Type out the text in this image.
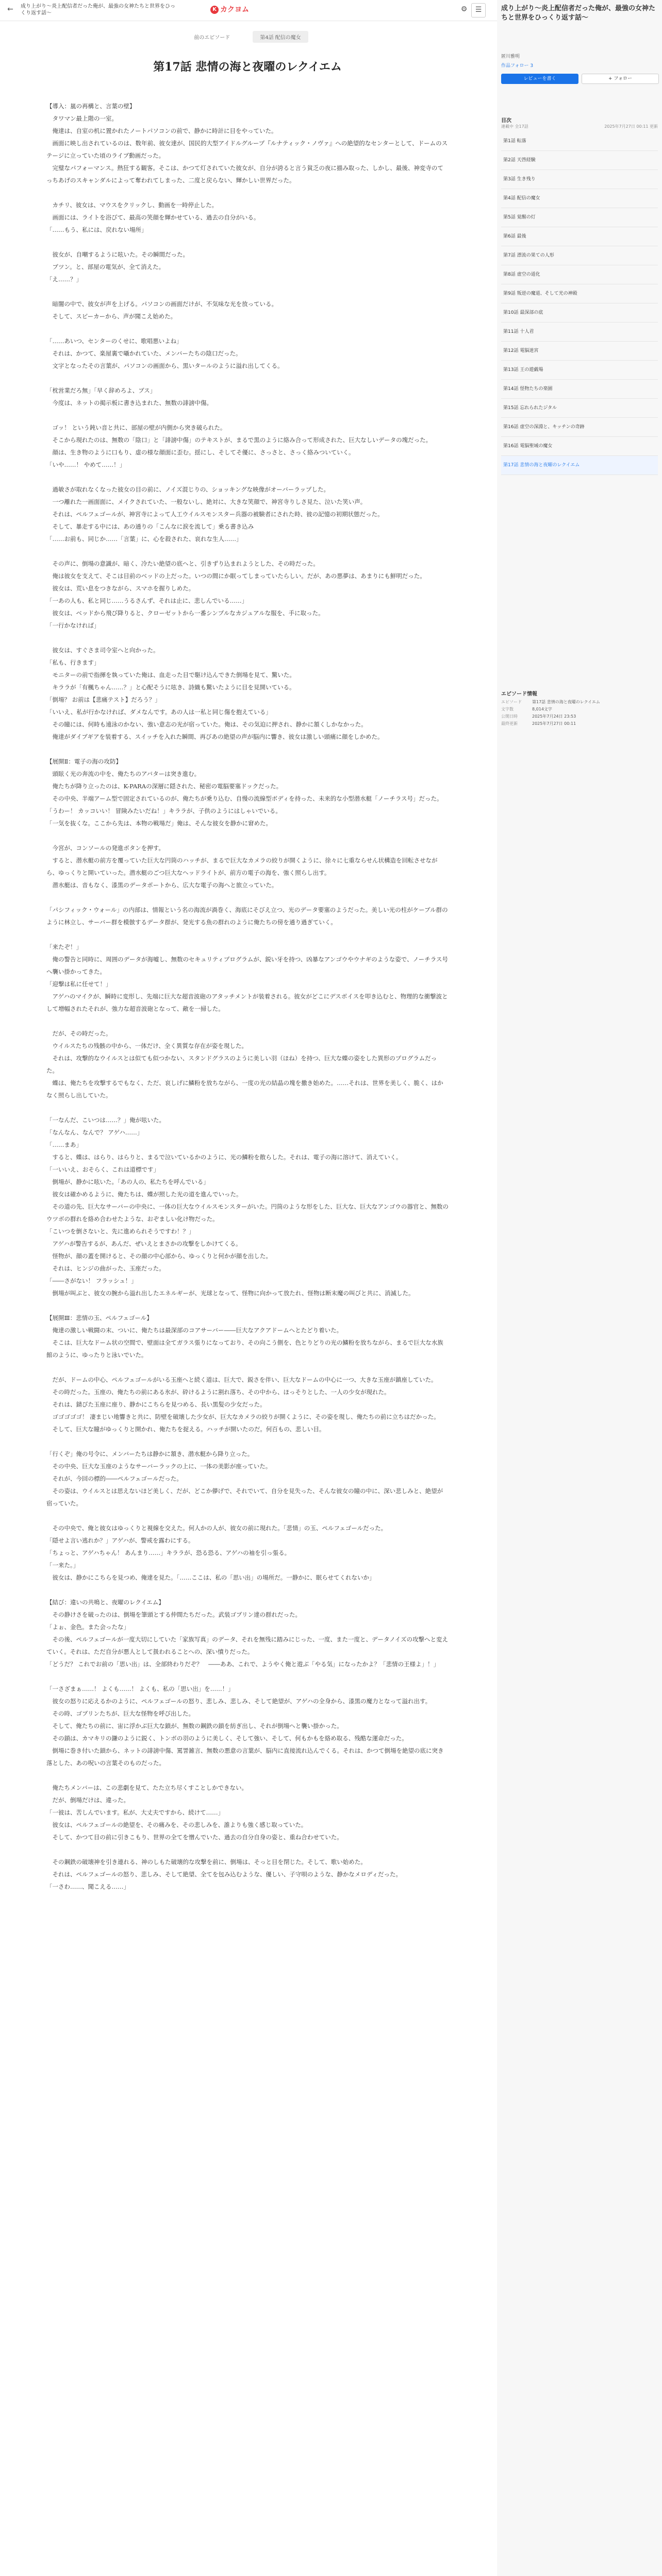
←	成り上がり〜炎上配信者だった俺が、最強の女神たちと世界をひっくり返す話〜
K カクヨム	⚙	☰
前のエピソード	第4話 配信の魔女
第17話 悲情の海と夜曜のレクイエム

【導入：嵐の再構と、言葉の壁】
　タワマン最上階の一室。
　俺達は、自室の机に置かれたノートパソコンの前で、静かに時計に目をやっていた。
　画面に映し出されているのは、数年前、彼女達が、国民的大型アイドルグループ『ルナティック・ノヴァ』への絶望的なセンターとして、ドームのステージに立っていた頃のライブ動画だった。
　完璧なパフォーマンス。熱狂する観客。そこは、かつて灯されていた彼女が、自分が誇ると言う貧乏の夜に描み取った、しかし、最後、神変寺のてっちあげのスキャンダルによって奪われてしまった、二度と戻らない、輝かしい世界だった。

　カチリ、彼女は、マウスをクリックし、動画を一時停止した。
　画面には、ライトを浴びて、最高の笑顔を輝かせている、過去の自分がいる。
「……もう、私には、戻れない場所」

　彼女が、自嘲するように呟いた。その瞬間だった。
　ブツン。と、部屋の電気が、全て消えた。
「え……？」

　暗闇の中で、彼女が声を上げる。パソコンの画面だけが、不気味な光を放っている。
　そして、スピーカーから、声が聞こえ始めた。

「……あいつ、センターのくせに、歌唱悪いよね」
　それは、かつて、楽屋裏で囁かれていた、メンバーたちの陰口だった。
　文字となったその言葉が、パソコンの画面から、黒いタールのように溢れ出してくる。

「枕営業だろ無」「早く辞めろよ、ブス」
　今度は、ネットの掲示板に書き込まれた、無数の誹謗中傷。

　ゴッ！ という鈍い音と共に、部屋の壁が内側から突き破られた。
　そこから現れたのは、無数の「陰口」と「誹謗中傷」のテキストが、まるで黒のように絡み合って形成された、巨大なしいデータの塊だった。
　顔は、生き物のように口もり、虚の様な顔面に歪む。揺にし、そしてそ優に、さっさと、さっく絡みついていく。
「いや……！ やめて……！」

　過敏さが取れなくなった彼女の目の前に、ノイズ混じりの、ショッキングな映像がオーバーラップした。
　一つ離れた一画面面に、メイクされていた、一般ないし、絶対に、大きな笑顔で、神宮寺りしさ見た、泣いた笑い声。
　それは、ペルフェゴールが、神宮寺によって人工ウイルスモンスター兵器の被験者にされた時、彼の記憶の初期状態だった。
　そして、暴走する中には、あの通りの「こんなに涙を流して」乗る書き込み
「……お前も、同じか……「言葉」に、心を殺された、哀れな生人……」

　その声に、倒場の意識が、暗く、冷たい絶望の底へと、引きずり込まれようとした、その時だった。
　俺は彼女を支えて、そこは目前のベッドの上だった。いつの間にか眠ってしまっていたらしい。だが、あの悪夢は、あまりにも鮮明だった。
　彼女は、荒い息をつきながら、スマホを握りしめた。
「一あの人も、私と同じ……うるさんず、それは止に、悲しんでいる……」
　彼女は、ベッドから飛び降りると、クローゼットから一番シンプルなカジュアルな服を、手に取った。
「一行かなければ」

　彼女は、すぐさま司令室へと向かった。
「私も、行きます」
　モニターの前で指揮を執っていた俺は、血走った目で駆け込んできた倒場を見て、驚いた。
　キララが「有楓ちゃん……？」と心配そうに呟き、詩織も驚いたように目を見開いている。
「倒場？ お前は【悲痛テスト】だろう？」
「いいえ、私が行かなければ、ダメなんです。あの人は一私と同じ傷を抱えている」
　その瞳には、何時も遠泳のかない、強い意志の光が宿っていた。俺は、その気迫に押され、静かに頷くしかなかった。
　俺達がダイブギアを装着する、スイッチを入れた瞬間、再びあの絶望の声が脳内に響き、彼女は激しい頭痛に顔をしかめた。

【展開Ⅱ：電子の海の攻防】
　頭眩く光の奔流の中を、俺たちのアバターは突き進む。
　俺たちが降り立ったのは、K-PARAの深層に隠された、秘密の電脳要塞ドックだった。
　その中央、半端アーム型で固定されているのが、俺たちが乗り込む、自慢の流線型ボディを持った、未来的な小型潜水艇「ノーチラス号」だった。
「うわー！ カッコいい！ 冒険みたいだね！」キララが、子供のようにはしゃいでいる。
「一気を抜くな。ここから先は、本物の戦場だ」俺は、そんな彼女を静かに窘めた。

　今宮が、コンソールの発進ボタンを押す。
　すると、潜水艇の前方を覆っていた巨大な円筒のハッチが、まるで巨大なカメラの絞りが開くように、徐々に七重ならせん状構造を回転させながら、ゆっくりと開いていった。潜水艇のごつ巨大なヘッドライトが、前方の電子の海を、強く照らし出す。
　潜水艇は、音もなく、漆黒のデータポートから、広大な電子の海へと旅立っていた。

「パシフィック・ウォール」の内部は、情報という名の海流が渦巻く、海底にそびえ立つ、光のデータ要塞のようだった。美しい光の柱がケーブル群のように林立し、サーバー群を模倣するデータ群が、発光する魚の群れのように俺たちの傍を通り過ぎていく。

「来たぞ！」
　俺の警告と同時に、周囲のデータが海嘘し、無数のセキュリティプログラムが、鋭い牙を持つ、凶暴なアンゴウやウナギのような姿で、ノーチラス号へ襲い掛かってきた。
「迎撃は私に任せて！」
　アゲハのマイクが、瞬時に変形し、先端に巨大な超音波砲のアタッチメントが装着される。彼女がどこにデスボイスを叩き込むと、物理的な衝撃波として増幅されたそれが、強力な超音波砲となって、敵を一掃した。

　だが、その時だった。
　ウイルスたちの残骸の中から、一体だけ、全く異質な存在が姿を現した。
　それは、攻撃的なウイルスとは似ても似つかない、スタンドグラスのように美しい羽（ほね）を持つ、巨大な蝶の姿をした異形のプログラムだった。
　蝶は、俺たちを攻撃するでもなく、ただ、哀しげに鱗粉を放ちながら、一度の光の結晶の塊を撒き始めた。……それは、世界を美しく、脆く、はかなく照らし出していた。

「一なんだ、こいつは……？」俺が呟いた。
「なんなん、なんで？ アゲハ……」
「……まあ」
　すると、蝶は、はらり、はらりと、まるで泣いているかのように、光の鱗粉を散らした。それは、電子の海に溶けて、消えていく。
「一いいえ、おそらく、これは道標です」
　倒場が、静かに呟いた。「あの人の、私たちを呼んでいる」
　彼女は確かめるように、俺たちは、蝶が照した光の道を進んでいった。
　その道の先、巨大なサーバーの中央に、一体の巨大なウイルスモンスターがいた。円筒のような形をした、巨大な、巨大なアンゴウの器官と、無数のウツボの群れを絡め合わせたような、おぞましい化け物だった。
「こいつを倒さないと、先に進められそうですわ！？」
　アゲハが警告するが、あんだ、ぜいえとまさかの攻撃をしかけてくる。
　怪物が、顔の蓋を開けると、その顔の中心部から、ゆっくりと何かが顔を出した。
　それは、ヒンジの曲がった、玉座だった。
「――さがない！ フラッシュ！」
　倒場が叫ぶと、彼女の腕から溢れ出したエネルギーが、光球となって、怪物に向かって放たれ、怪物は断末魔の叫びと共に、消滅した。

【展開Ⅲ：悲情の玉、ペルフェゴール】
　俺達の激しい戦闘の末、ついに、俺たちは最深部のコアサーバー――巨大なアクアドームへとたどり着いた。
　そこは、巨大なドーム状の空間で、壁面は全てガラス張りになっており、その向こう側を、色とりどりの光の鱗粉を放ちながら、まるで巨大な水族館のように、ゆったりと泳いでいた。

　だが、ドームの中心、ペルフェゴールがいる玉座へと続く道は、巨大で、鋭さを伴い、巨大なドームの中心に一つ、大きな玉座が鎮座していた。
　その時だった。玉座の、俺たちの前にある氷が、砕けるように割れ落ち、その中から、ほっそりとした、一人の少女が現れた。
　それは、錆びた玉座に座り、静かにこちらを見つめる、長い黒髪の少女だった。
　ゴゴゴゴゴ！ 凄まじい地響きと共に、防壁を破壊した少女が、巨大なカメラの絞りが開くように、その姿を現し、俺たちの前に立ちはだかった。
　そして、巨大な瞳がゆっくりと開かれ、俺たちを捉える。ハッチが開いたのだ。何百もの、悲しい目。

「行くぞ」俺の号令に、メンバーたちは静かに頷き、潜水艇から降り立った。
　その中央、巨大な玉座のようなサーバーラックの上に、一体の美影が座っていた。
　それが、今回の標的――ペルフェゴールだった。
　その姿は、ウイルスとは思えないほど美しく、だが、どこか儚げで、それでいて、自分を見失った、そんな彼女の瞳の中に、深い悲しみと、絶望が宿っていた。

　その中央で、俺と彼女はゆっくりと視線を交えた。何人かの人が、彼女の前に現れた。「悲情」の玉、ペルフェゴールだった。
「隠せよ言い逃れか？」アゲハが、警戒を露わにする。
「ちょっと、アゲハちゃん！ あんまり……」キララが、恐る恐る、アゲハの袖を引っ張る。
「一来た。」
　彼女は、静かにこちらを見つめ、俺達を見た。「……ここは、私の「思い出」の場所だ。一静かに、眠らせてくれないか」

【結び：違いの共鳴と、夜曜のレクイエム】
　その静けさを破ったのは、倒場を筆頭とする仲間たちだった。武装ゴブリン達の群れだった。
「よぉ、金色。また会ったな」
　その後、ペルフェゴールが一度大切にしていた「家族写真」のデータ、それを無残に踏みにじった、一度、また一度と、データノイズの攻撃へと変えていく。それは、ただ自分が悪人として扱われることへの、深い憤りだった。
「どうだ？ これでお前の「思い出」は、全部終わりだぞ？　――ああ、これで、ようやく俺と遊ぶ「やる気」になったかよ？「悲情の王様よ」！」

「一さざまぁ……！ よくも……！ よくも、私の「思い出」を……！」
　彼女の怒りに応えるかのように、ペルフェゴールの怒り、悲しみ、悲しみ、そして絶望が、アゲハの全身から、漆黒の魔力となって溢れ出す。
　その時、ゴブリンたちが、巨大な怪物を呼び出した。
　そして、俺たちの前に、宙に浮かぶ巨大な鎖が、無数の鋼鉄の鎖を紡ぎ出し、それが倒場へと襲い掛かった。
　その鎖は、カマキリの鎌のように鋭く、トンボの羽のように美しく、そして強い、そして、何もかもを絡め取る、残酷な運命だった。
　倒場に巻き付いた鎖から、ネットの誹謗中傷、罵詈雑言、無数の悪意の言葉が、脳内に直接流れ込んでくる。それは、かつて倒場を絶望の底に突き落とした、あの呪いの言葉そのものだった。

　俺たちメンバーは、この悲劇を見て、たた立ち尽くすことしかできない。
　だが、倒場だけは、違った。
「一彼は、苦しんでいます。私が、大丈夫ですから、続けて……」
　彼女は、ペルフェゴールの絶望を、その痛みを、その悲しみを、誰よりも強く感じ取っていた。
　そして、かつて目の前に引きこもり、世界の全てを憎んでいた、過去の自分自身の姿と、重ね合わせていた。

　その鋼鉄の破壊神を引き連れる、神のしもた破壊的な攻撃を前に、倒場は、そっと目を閉じた。そして、歌い始めた。
　それは、ペルフェゴールの怒り、悲しみ、そして絶望、全てを包み込むような、優しい、子守唄のような、静かなメロディだった。
「一さわ……、聞こえる……」

成り上がり〜炎上配信者だった俺が、最強の女神たちと世界をひっくり返す話〜
匿川雅明
作品フォロー 3
レビューを書く	+ フォロー
目次
連載中 全17話	2025年7月27日 00:11 更新
第1話 転落
第2話 天啓経験
第3話 生き残り
第4話 配信の魔女
第5話 覚醒の灯
第6話 最後
第7話 漂流の果ての人形
第8話 虚空の道化
第9話 叛逆の魔道、そして光の神殿
第10話 最深部の底
第11話 十人君
第12話 電脳迷宮
第13話 王の遊戯場
第14話 怪物たちの楽園
第15話 忘れられたジタル
第16話 虚空の深淵と、キッチンの奇跡
第16話 電脳聖域の魔女
第17話 悲情の海と夜曜のレクイエム
エピソード情報
エピソード	第17話 悲情の海と夜曜のレクイエム
文字数	8,014文字
公開日時	2025年7月24日 23:53
最終更新	2025年7月27日 00:11
